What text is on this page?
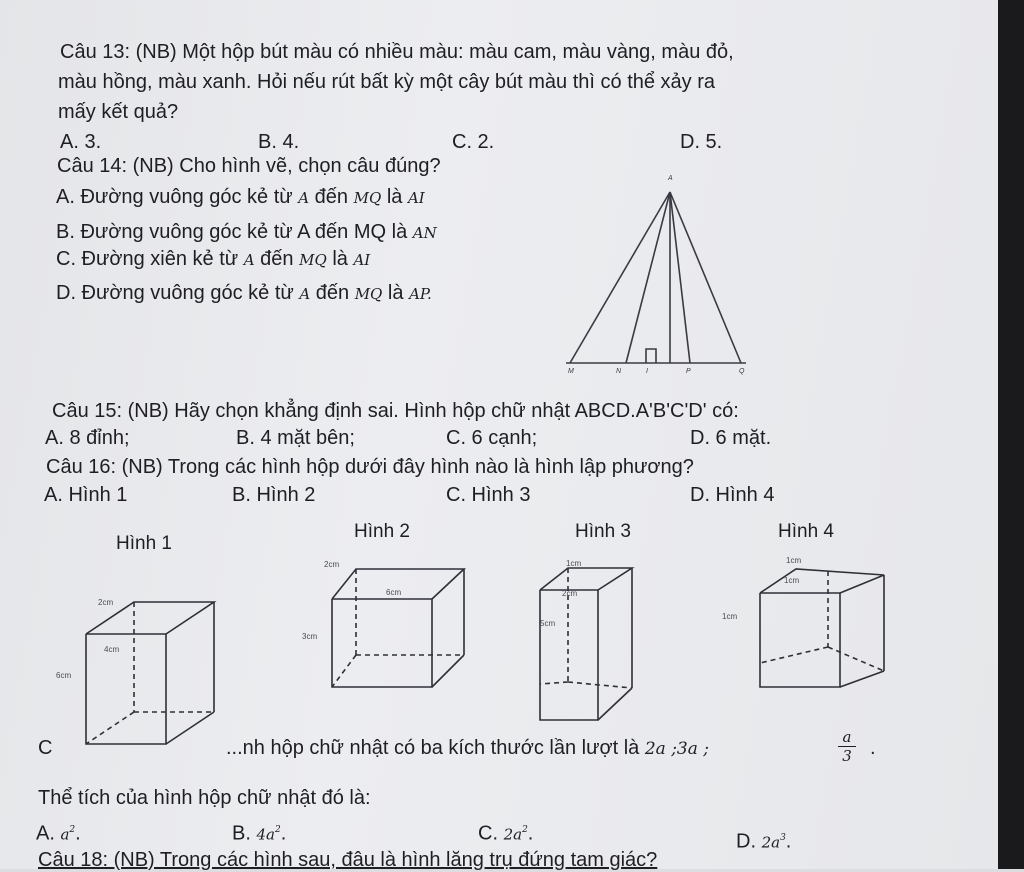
Câu 13: (NB) Một hộp bút màu có nhiều màu: màu cam, màu vàng, màu đỏ,
màu hồng, màu xanh. Hỏi nếu rút bất kỳ một cây bút màu thì có thể xảy ra
mấy kết quả?
A. 3.	B. 4.	C. 2.	D. 5.
Câu 14: (NB) Cho hình vẽ, chọn câu đúng?
A. Đường vuông góc kẻ từ A đến MQ là AI
B. Đường vuông góc kẻ từ A đến MQ là AN
C. Đường xiên kẻ từ A đến MQ là AI
D. Đường vuông góc kẻ từ A đến MQ là AP.
A
M	N	I	P	Q
Câu 15: (NB) Hãy chọn khẳng định sai. Hình hộp chữ nhật ABCD.A'B'C'D' có:
A. 8 đỉnh;	B. 4 mặt bên;	C. 6 cạnh;	D. 6 mặt.
Câu 16: (NB) Trong các hình hộp dưới đây hình nào là hình lập phương?
A. Hình 1	B. Hình 2	C. Hình 3	D. Hình 4
Hình 1
Hình 2	Hình 3	Hình 4
2cm
4cm
6cm
2cm
6cm
3cm
1cm
2cm
5cm
1cm
1cm
1cm
C	...nh hộp chữ nhật có ba kích thước lần lượt là 2a ;3a ;	$\frac{a}{3}$ .
Thể tích của hình hộp chữ nhật đó là:
A. $a^2$.	B. $4a^2$.	C. $2a^2$.	D. $2a^3$.
Câu 18: (NB) Trong các hình sau, đâu là hình lăng trụ đứng tam giác?
